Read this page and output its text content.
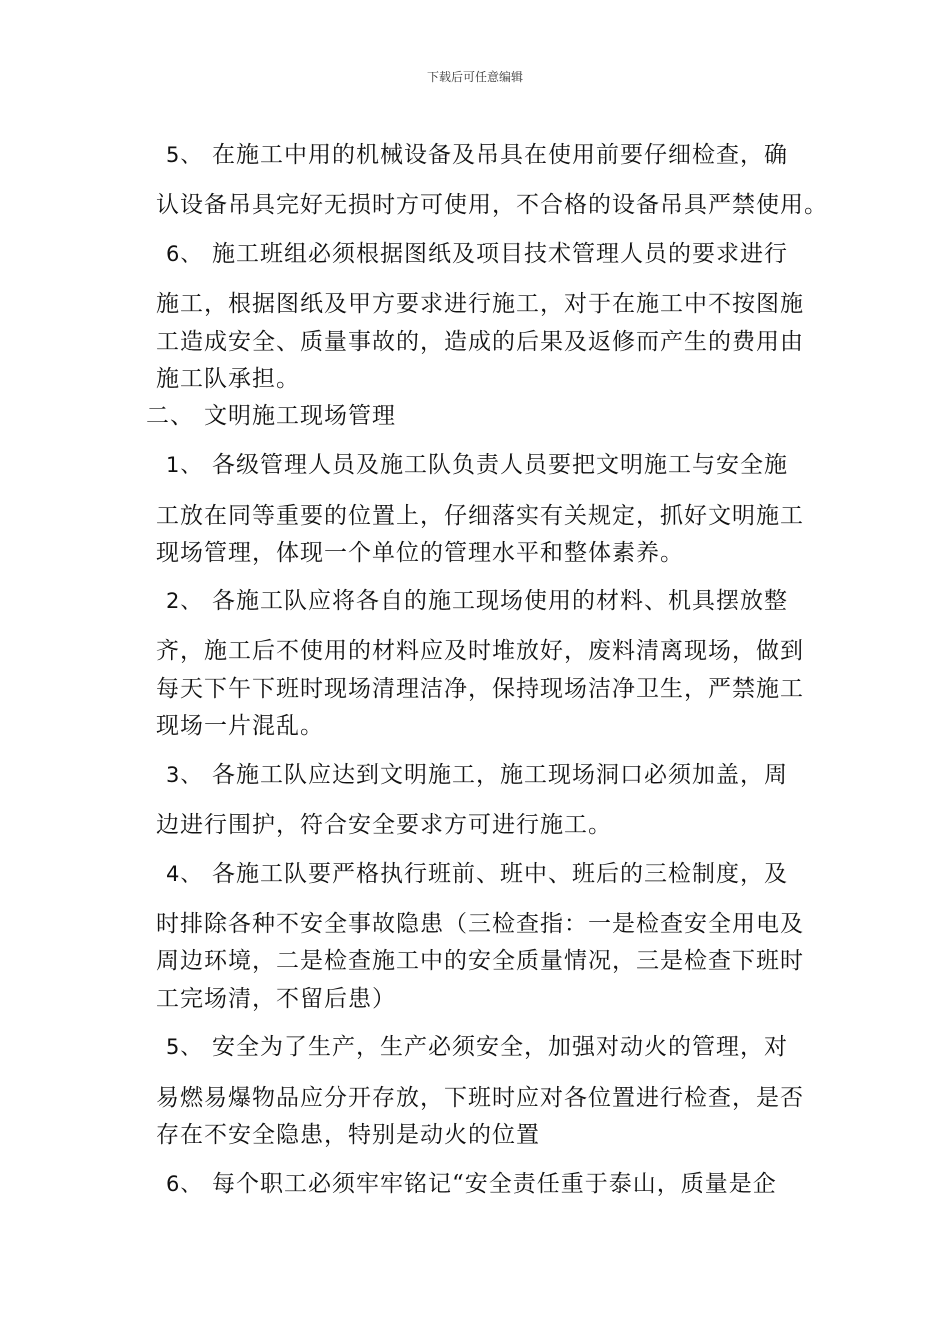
下载后可任意编辑
5、 在施工中用的机械设备及吊具在使用前要仔细检查，确
认设备吊具完好无损时方可使用，不合格的设备吊具严禁使用。
6、 施工班组必须根据图纸及项目技术管理人员的要求进行
施工，根据图纸及甲方要求进行施工，对于在施工中不按图施
工造成安全、质量事故的，造成的后果及返修而产生的费用由
施工队承担。
二、 文明施工现场管理
1、 各级管理人员及施工队负责人员要把文明施工与安全施
工放在同等重要的位置上，仔细落实有关规定，抓好文明施工
现场管理，体现一个单位的管理水平和整体素养。
2、 各施工队应将各自的施工现场使用的材料、机具摆放整
齐，施工后不使用的材料应及时堆放好，废料清离现场，做到
每天下午下班时现场清理洁净，保持现场洁净卫生，严禁施工
现场一片混乱。
3、 各施工队应达到文明施工，施工现场洞口必须加盖，周
边进行围护，符合安全要求方可进行施工。
4、 各施工队要严格执行班前、班中、班后的三检制度，及
时排除各种不安全事故隐患（三检查指：一是检查安全用电及
周边环境，二是检查施工中的安全质量情况，三是检查下班时
工完场清，不留后患）
5、 安全为了生产，生产必须安全，加强对动火的管理，对
易燃易爆物品应分开存放，下班时应对各位置进行检查，是否
存在不安全隐患，特别是动火的位置
6、 每个职工必须牢牢铭记“安全责任重于泰山，质量是企
